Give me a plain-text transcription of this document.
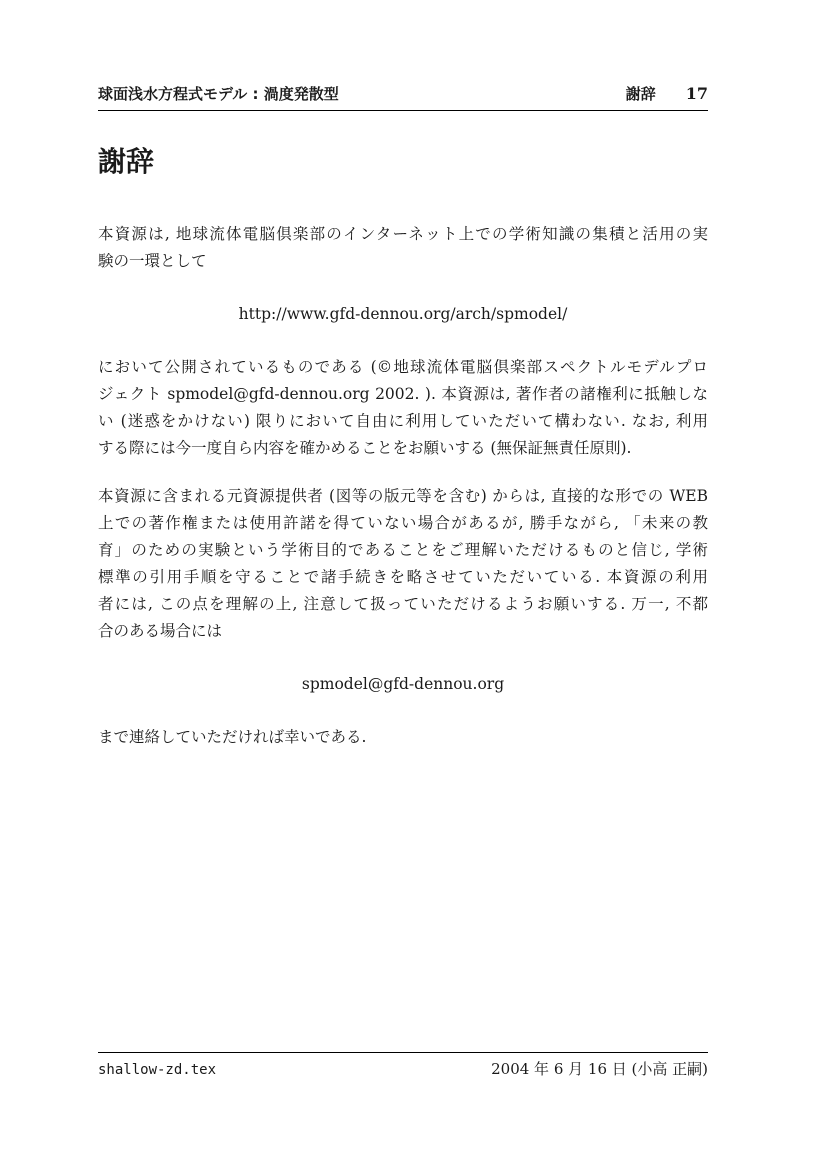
球面浅水方程式モデル : 渦度発散型	謝辞 17
謝辞
本資源は, 地球流体電脳倶楽部のインターネット上での学術知識の集積と活用の実
験の一環として
http://www.gfd-dennou.org/arch/spmodel/
において公開されているものである (©地球流体電脳倶楽部スペクトルモデルプロ
ジェクト spmodel@gfd-dennou.org 2002. ). 本資源は, 著作者の諸権利に抵触しな
い (迷惑をかけない) 限りにおいて自由に利用していただいて構わない. なお, 利用
する際には今一度自ら内容を確かめることをお願いする (無保証無責任原則).
本資源に含まれる元資源提供者 (図等の版元等を含む) からは, 直接的な形での WEB
上での著作権または使用許諾を得ていない場合があるが, 勝手ながら, 「未来の教
育」のための実験という学術目的であることをご理解いただけるものと信じ, 学術
標準の引用手順を守ることで諸手続きを略させていただいている. 本資源の利用
者には, この点を理解の上, 注意して扱っていただけるようお願いする. 万一, 不都
合のある場合には
spmodel@gfd-dennou.org
まで連絡していただければ幸いである.
shallow-zd.tex	2004 年 6 月 16 日 (小高 正嗣)
